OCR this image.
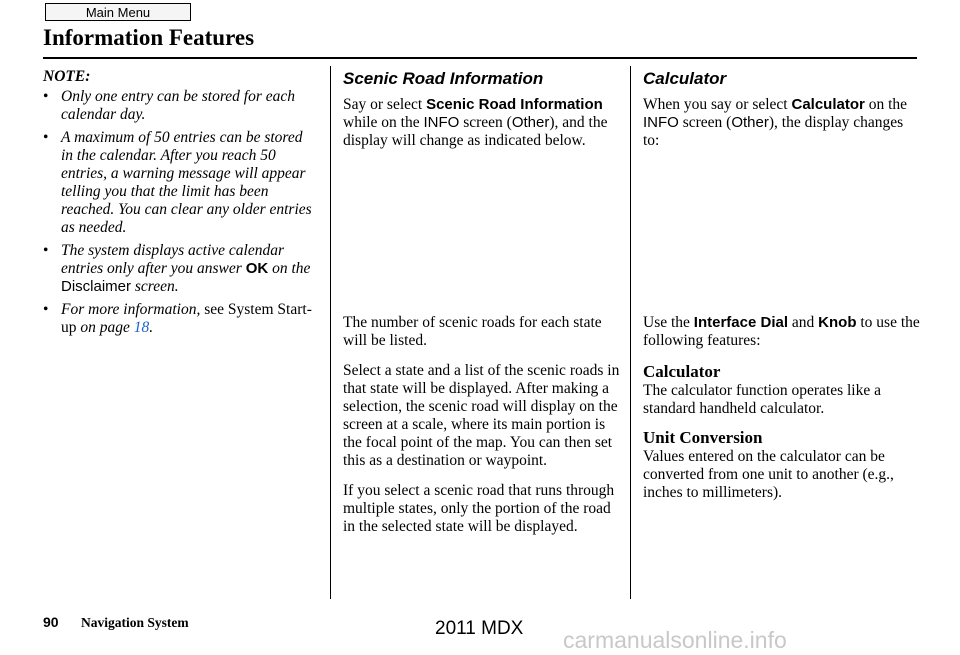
Main Menu
Information Features
NOTE:
• Only one entry can be stored for each calendar day.
• A maximum of 50 entries can be stored in the calendar. After you reach 50 entries, a warning message will appear telling you that the limit has been reached. You can clear any older entries as needed.
• The system displays active calendar entries only after you answer OK on the Disclaimer screen.
• For more information, see System Start-up on page 18.
Scenic Road Information

Say or select Scenic Road Information while on the INFO screen (Other), and the display will change as indicated below.

The number of scenic roads for each state will be listed.

Select a state and a list of the scenic roads in that state will be displayed. After making a selection, the scenic road will display on the screen at a scale, where its main portion is the focal point of the map. You can then set this as a destination or waypoint.

If you select a scenic road that runs through multiple states, only the portion of the road in the selected state will be displayed.

Calculator

When you say or select Calculator on the INFO screen (Other), the display changes to:

Use the Interface Dial and Knob to use the following features:

Calculator

The calculator function operates like a standard handheld calculator.

Unit Conversion

Values entered on the calculator can be converted from one unit to another (e.g., inches to millimeters).

90 Navigation System	2011 MDX carmanualsonline.info
